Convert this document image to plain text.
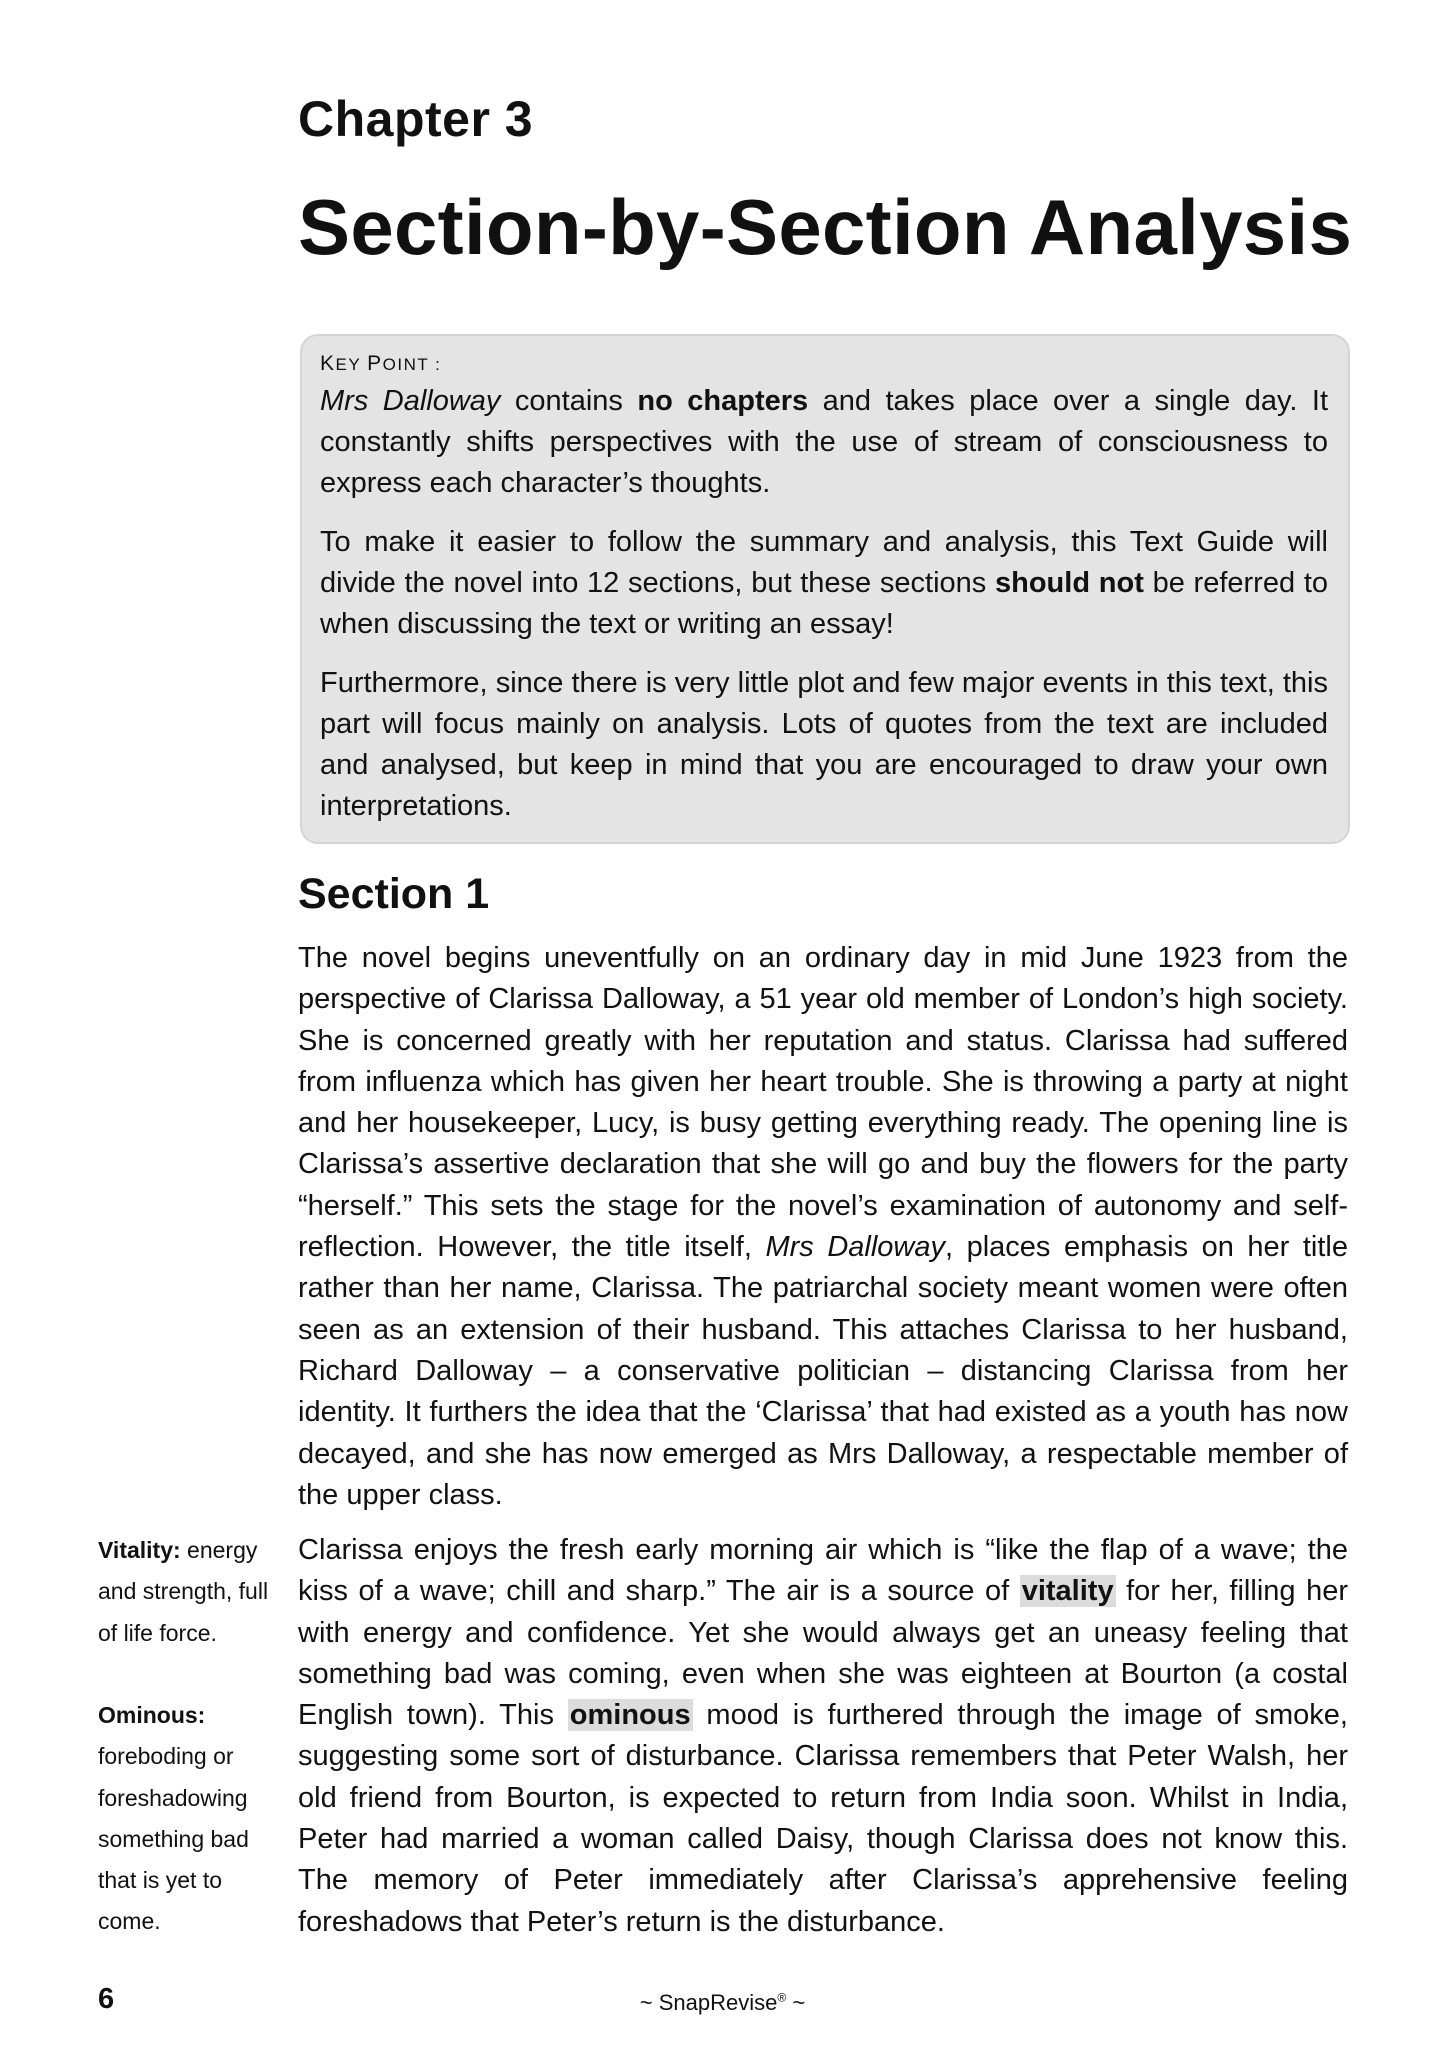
Chapter 3
Section-by-Section Analysis

KEY POINT :

Mrs Dalloway contains no chapters and takes place over a single day. It constantly shifts perspectives with the use of stream of consciousness to express each character’s thoughts.

To make it easier to follow the summary and analysis, this Text Guide will divide the novel into 12 sections, but these sections should not be referred to when discussing the text or writing an essay!

Furthermore, since there is very little plot and few major events in this text, this part will focus mainly on analysis. Lots of quotes from the text are included and analysed, but keep in mind that you are encouraged to draw your own interpretations.

Section 1

The novel begins uneventfully on an ordinary day in mid June 1923 from the perspective of Clarissa Dalloway, a 51 year old member of London’s high society. She is concerned greatly with her reputation and status. Clarissa had suffered from influenza which has given her heart trouble. She is throwing a party at night and her housekeeper, Lucy, is busy getting everything ready. The opening line is Clarissa’s assertive declaration that she will go and buy the flowers for the party “herself.” This sets the stage for the novel’s examination of autonomy and self-reflection. However, the title itself, Mrs Dalloway, places emphasis on her title rather than her name, Clarissa. The patriarchal society meant women were often seen as an extension of their husband. This attaches Clarissa to her husband, Richard Dalloway – a conservative politician – distancing Clarissa from her identity. It furthers the idea that the ‘Clarissa’ that had existed as a youth has now decayed, and she has now emerged as Mrs Dalloway, a respectable member of the upper class.

Clarissa enjoys the fresh early morning air which is “like the flap of a wave; the kiss of a wave; chill and sharp.” The air is a source of vitality for her, filling her with energy and confidence. Yet she would always get an uneasy feeling that something bad was coming, even when she was eighteen at Bourton (a costal English town). This ominous mood is furthered through the image of smoke, suggesting some sort of disturbance. Clarissa remembers that Peter Walsh, her old friend from Bourton, is expected to return from India soon. Whilst in India, Peter had married a woman called Daisy, though Clarissa does not know this. The memory of Peter immediately after Clarissa’s apprehensive feeling foreshadows that Peter’s return is the disturbance.

Vitality: energy and strength, full of life force.

Ominous: foreboding or foreshadowing something bad that is yet to come.

6	~ SnapRevise® ~
